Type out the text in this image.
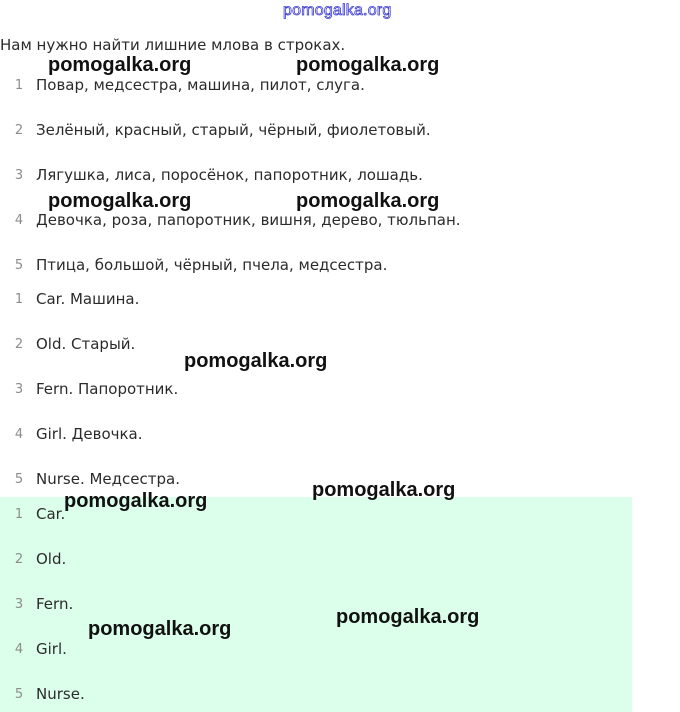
pomogalka.org
Нам нужно найти лишние млова в строках.
1 Повар, медсестра, машина, пилот, слуга.
2 Зелёный, красный, старый, чёрный, фиолетовый.
3 Лягушка, лиса, поросёнок, папоротник, лошадь.
4 Девочка, роза, папоротник, вишня, дерево, тюльпан.
5 Птица, большой, чёрный, пчела, медсестра.
1 Car. Машина.
2 Old. Старый.
3 Fern. Папоротник.
4 Girl. Девочка.
5 Nurse. Медсестра.
1 Car.
2 Old.
3 Fern.
4 Girl.
5 Nurse.
pomogalka.org	pomogalka.org
pomogalka.org	pomogalka.org
pomogalka.org
pomogalka.org
pomogalka.org
pomogalka.org
pomogalka.org
